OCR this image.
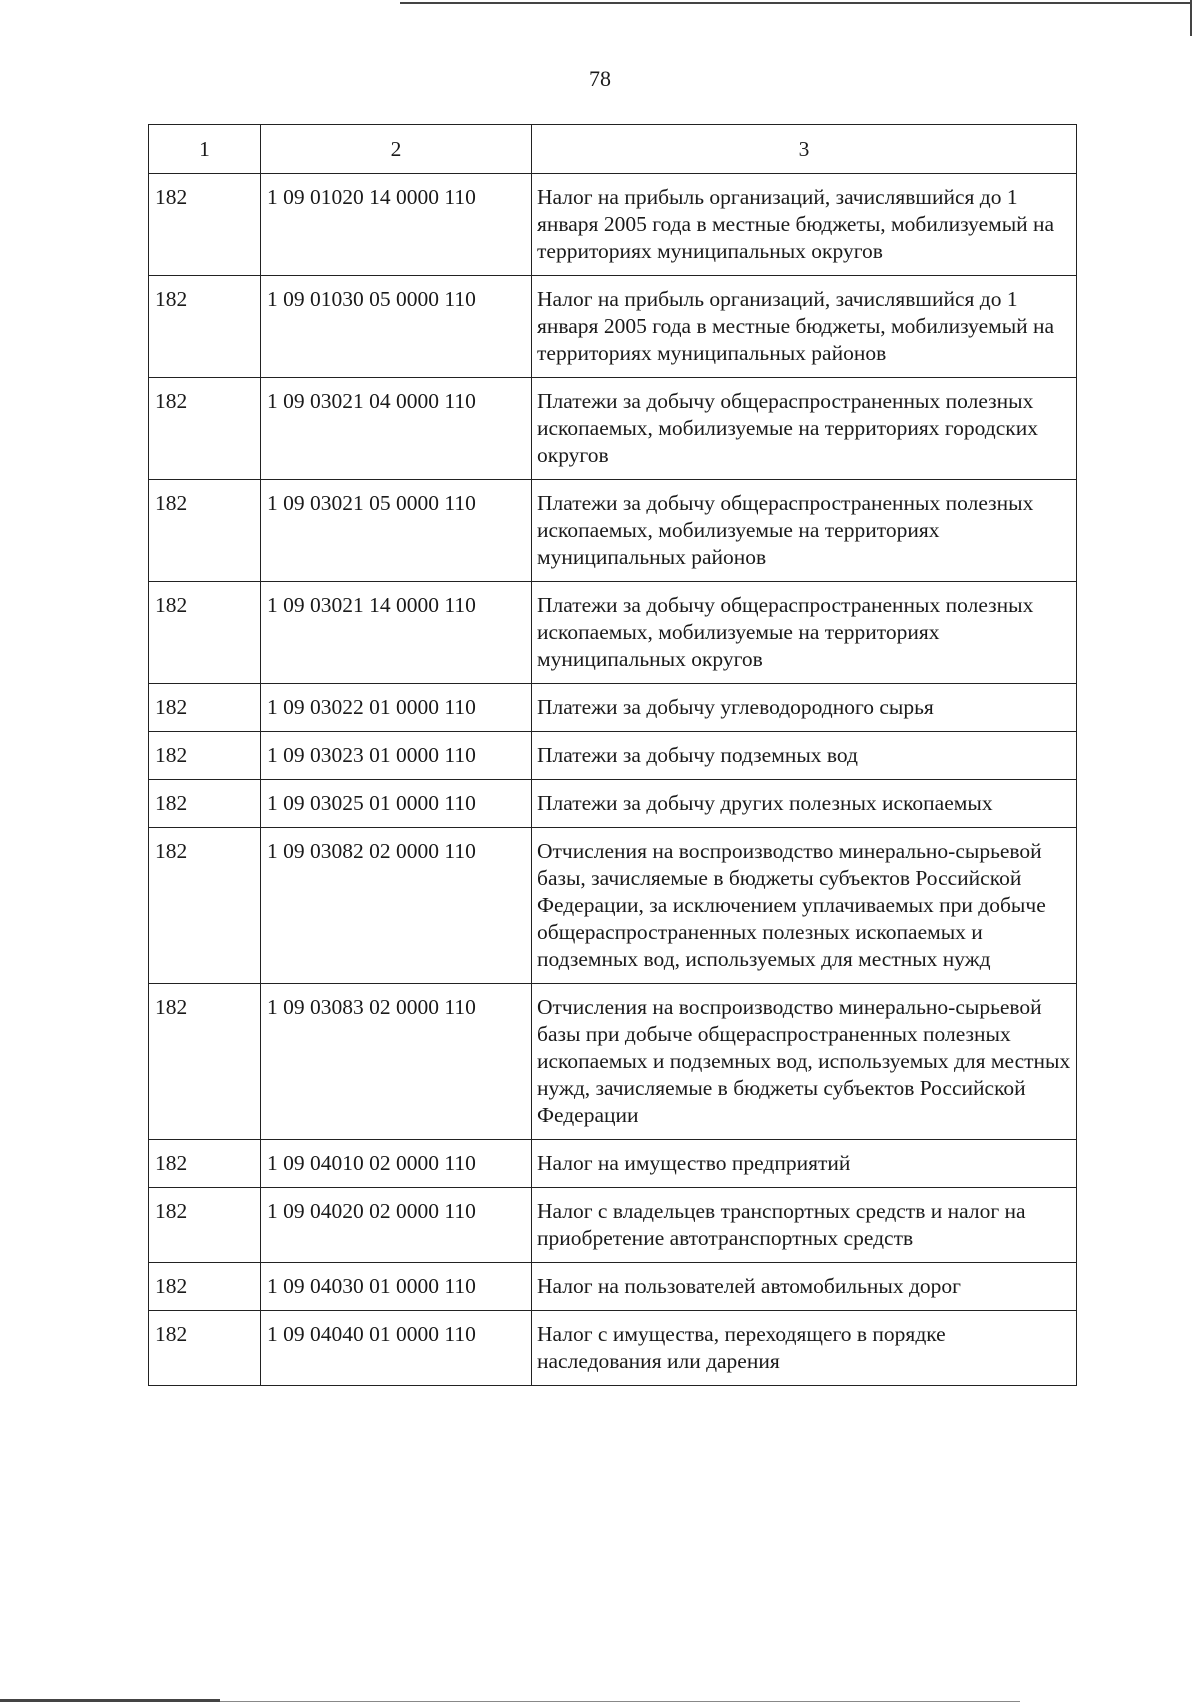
78
1	2	3
182	1 09 01020 14 0000 110	Налог на прибыль организаций, зачислявшийся до 1 января 2005 года в местные бюджеты, мобилизуемый на территориях муниципальных округов
182	1 09 01030 05 0000 110	Налог на прибыль организаций, зачислявшийся до 1 января 2005 года в местные бюджеты, мобилизуемый на территориях муниципальных районов
182	1 09 03021 04 0000 110	Платежи за добычу общераспространенных полезных ископаемых, мобилизуемые на территориях городских округов
182	1 09 03021 05 0000 110	Платежи за добычу общераспространенных полезных ископаемых, мобилизуемые на территориях муниципальных районов
182	1 09 03021 14 0000 110	Платежи за добычу общераспространенных полезных ископаемых, мобилизуемые на территориях муниципальных округов
182	1 09 03022 01 0000 110	Платежи за добычу углеводородного сырья
182	1 09 03023 01 0000 110	Платежи за добычу подземных вод
182	1 09 03025 01 0000 110	Платежи за добычу других полезных ископаемых
182	1 09 03082 02 0000 110	Отчисления на воспроизводство минерально-сырьевой базы, зачисляемые в бюджеты субъектов Российской Федерации, за исключением уплачиваемых при добыче общераспространенных полезных ископаемых и подземных вод, используемых для местных нужд
182	1 09 03083 02 0000 110	Отчисления на воспроизводство минерально-сырьевой базы при добыче общераспространенных полезных ископаемых и подземных вод, используемых для местных нужд, зачисляемые в бюджеты субъектов Российской Федерации
182	1 09 04010 02 0000 110	Налог на имущество предприятий
182	1 09 04020 02 0000 110	Налог с владельцев транспортных средств и налог на приобретение автотранспортных средств
182	1 09 04030 01 0000 110	Налог на пользователей автомобильных дорог
182	1 09 04040 01 0000 110	Налог с имущества, переходящего в порядке наследования или дарения
